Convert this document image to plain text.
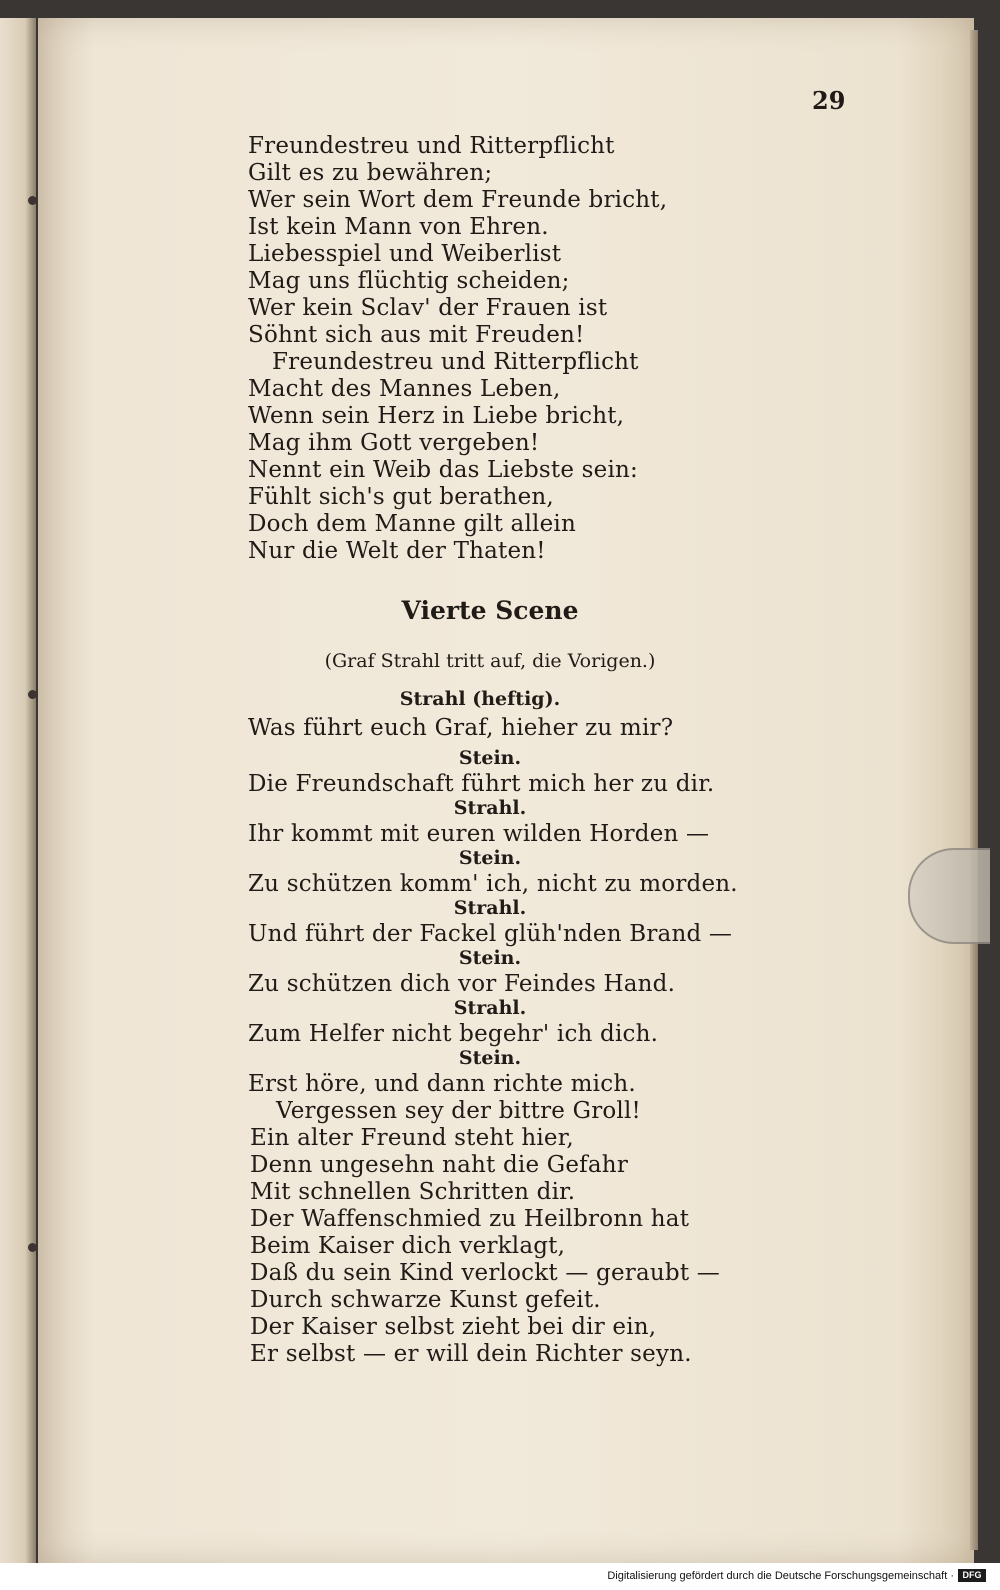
29
Freundestreu und Ritterpflicht
Gilt es zu bewähren;
Wer sein Wort dem Freunde bricht,
Ist kein Mann von Ehren.
Liebesspiel und Weiberlist
Mag uns flüchtig scheiden;
Wer kein Sclav' der Frauen ist
Söhnt sich aus mit Freuden!
Freundestreu und Ritterpflicht
Macht des Mannes Leben,
Wenn sein Herz in Liebe bricht,
Mag ihm Gott vergeben!
Nennt ein Weib das Liebste sein:
Fühlt sich's gut berathen,
Doch dem Manne gilt allein
Nur die Welt der Thaten!
Vierte Scene
(Graf Strahl tritt auf, die Vorigen.)
Strahl (heftig).
Was führt euch Graf, hieher zu mir?
Stein.
Die Freundschaft führt mich her zu dir.
Strahl.
Ihr kommt mit euren wilden Horden —
Stein.
Zu schützen komm' ich, nicht zu morden.
Strahl.
Und führt der Fackel glüh'nden Brand —
Stein.
Zu schützen dich vor Feindes Hand.
Strahl.
Zum Helfer nicht begehr' ich dich.
Stein.
Erst höre, und dann richte mich.
Vergessen sey der bittre Groll!
Ein alter Freund steht hier,
Denn ungesehn naht die Gefahr
Mit schnellen Schritten dir.
Der Waffenschmied zu Heilbronn hat
Beim Kaiser dich verklagt,
Daß du sein Kind verlockt — geraubt —
Durch schwarze Kunst gefeit.
Der Kaiser selbst zieht bei dir ein,
Er selbst — er will dein Richter seyn.
Digitalisierung gefördert durch die Deutsche Forschungsgemeinschaft · DFG
